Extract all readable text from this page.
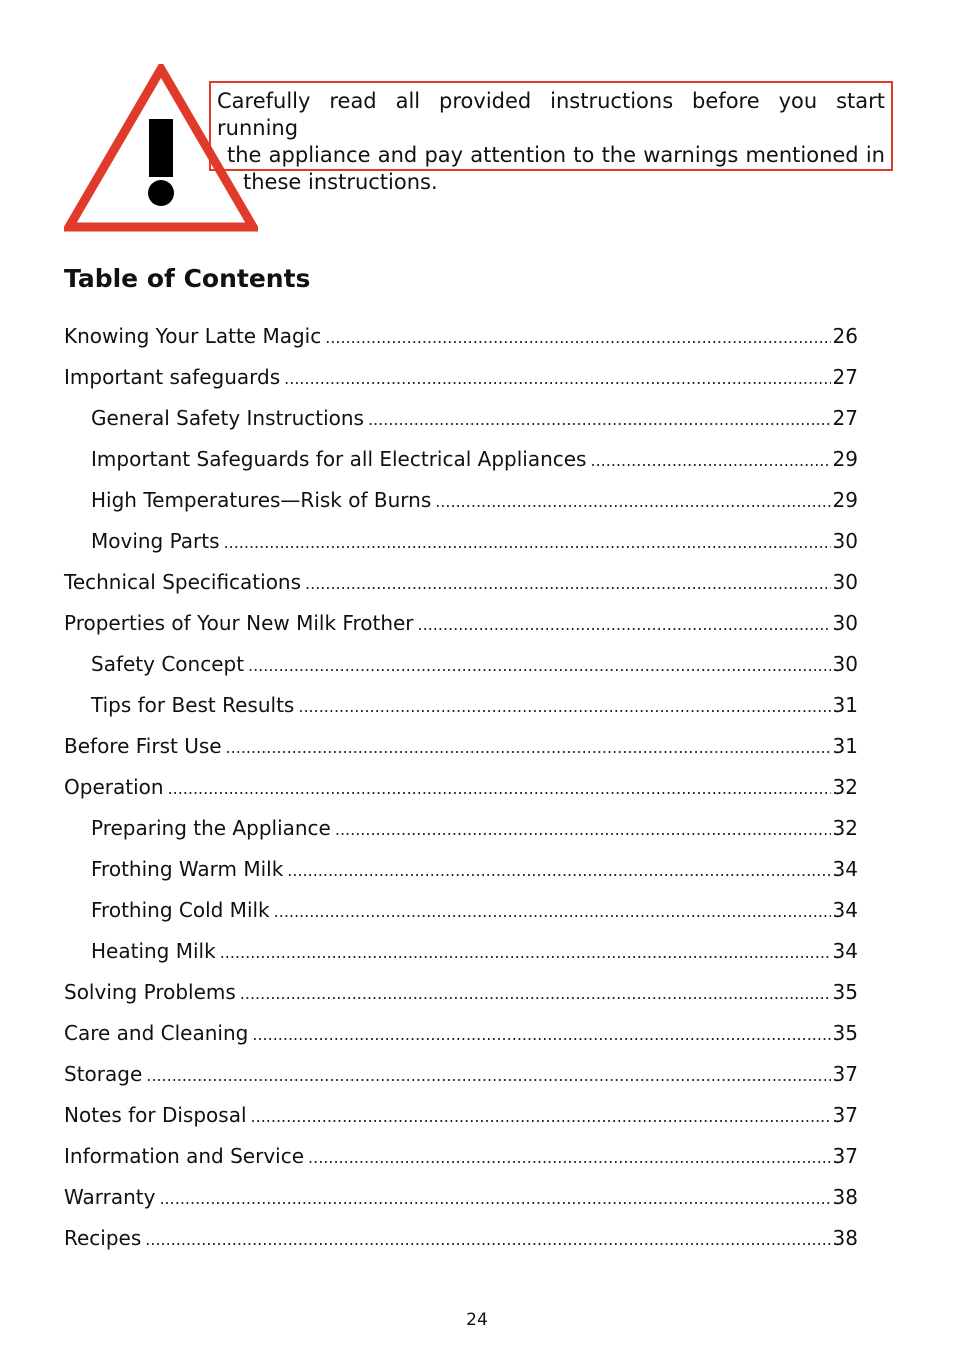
Carefully read all provided instructions before you start running
the appliance and pay attention to the warnings mentioned in
these instructions.
Table of Contents
Knowing Your Latte Magic .....	26
Important safeguards .....	27
General Safety Instructions .....	27
Important Safeguards for all Electrical Appliances .....	29
High Temperatures—Risk of Burns .....	29
Moving Parts .....	30
Technical Specifications .....	30
Properties of Your New Milk Frother .....	30
Safety Concept .....	30
Tips for Best Results .....	31
Before First Use .....	31
Operation .....	32
Preparing the Appliance .....	32
Frothing Warm Milk .....	34
Frothing Cold Milk .....	34
Heating Milk .....	34
Solving Problems .....	35
Care and Cleaning .....	35
Storage .....	37
Notes for Disposal .....	37
Information and Service .....	37
Warranty .....	38
Recipes .....	38
24
